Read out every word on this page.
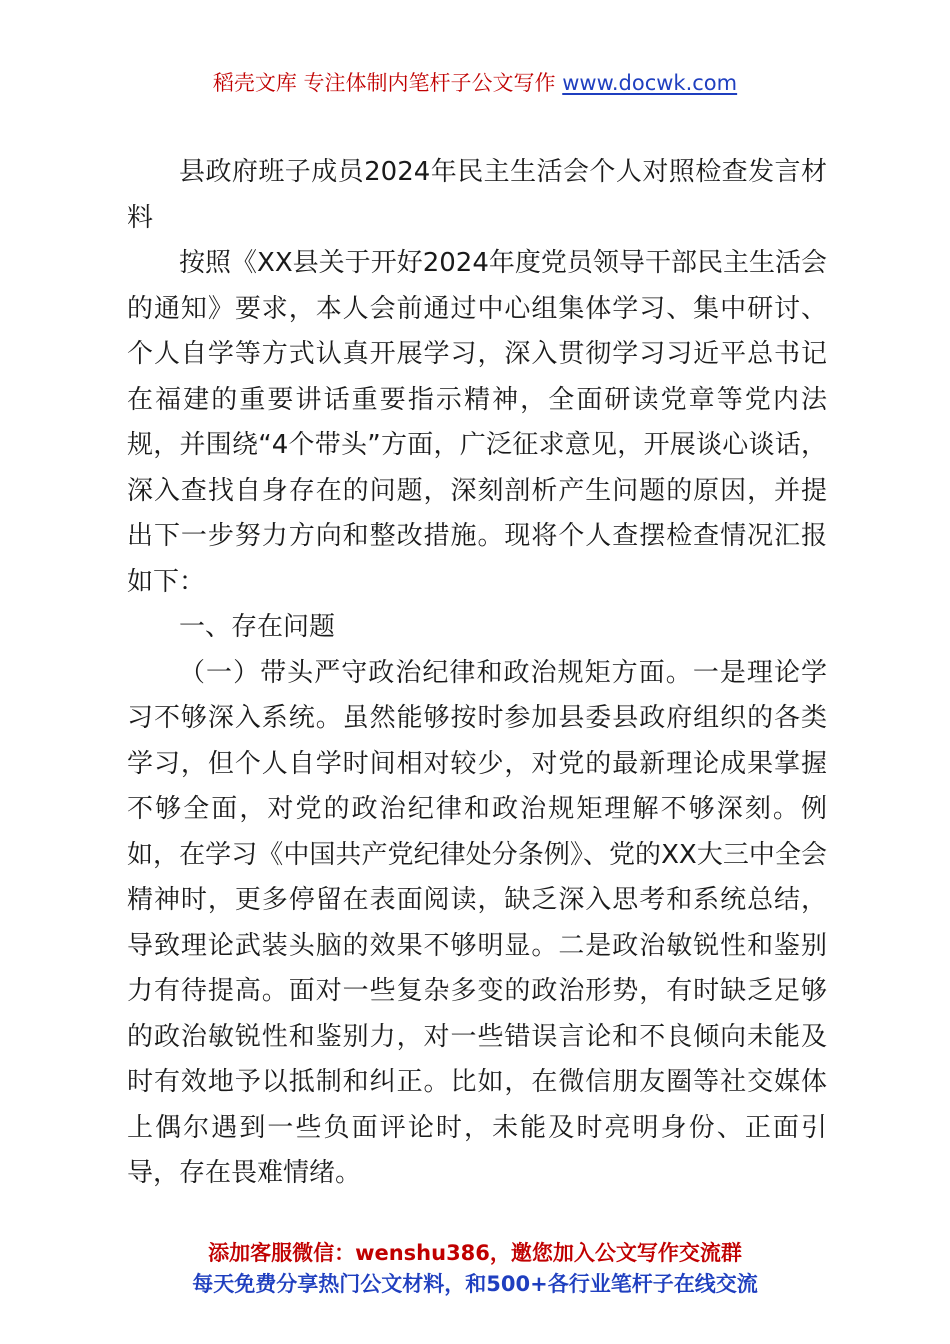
稻壳文库 专注体制内笔杆子公文写作 www.docwk.com

县政府班子成员2024年民主生活会个人对照检查发言材料

按照《XX县关于开好2024年度党员领导干部民主生活会的通知》要求，本人会前通过中心组集体学习、集中研讨、个人自学等方式认真开展学习，深入贯彻学习习近平总书记在福建的重要讲话重要指示精神，全面研读党章等党内法规，并围绕“4个带头”方面，广泛征求意见，开展谈心谈话，深入查找自身存在的问题，深刻剖析产生问题的原因，并提出下一步努力方向和整改措施。现将个人查摆检查情况汇报如下：

一、存在问题

（一）带头严守政治纪律和政治规矩方面。一是理论学习不够深入系统。虽然能够按时参加县委县政府组织的各类学习，但个人自学时间相对较少，对党的最新理论成果掌握不够全面，对党的政治纪律和政治规矩理解不够深刻。例如，在学习《中国共产党纪律处分条例》、党的XX大三中全会精神时，更多停留在表面阅读，缺乏深入思考和系统总结，导致理论武装头脑的效果不够明显。二是政治敏锐性和鉴别力有待提高。面对一些复杂多变的政治形势，有时缺乏足够的政治敏锐性和鉴别力，对一些错误言论和不良倾向未能及时有效地予以抵制和纠正。比如，在微信朋友圈等社交媒体上偶尔遇到一些负面评论时，未能及时亮明身份、正面引导，存在畏难情绪。

添加客服微信：wenshu386，邀您加入公文写作交流群
每天免费分享热门公文材料，和500+各行业笔杆子在线交流
